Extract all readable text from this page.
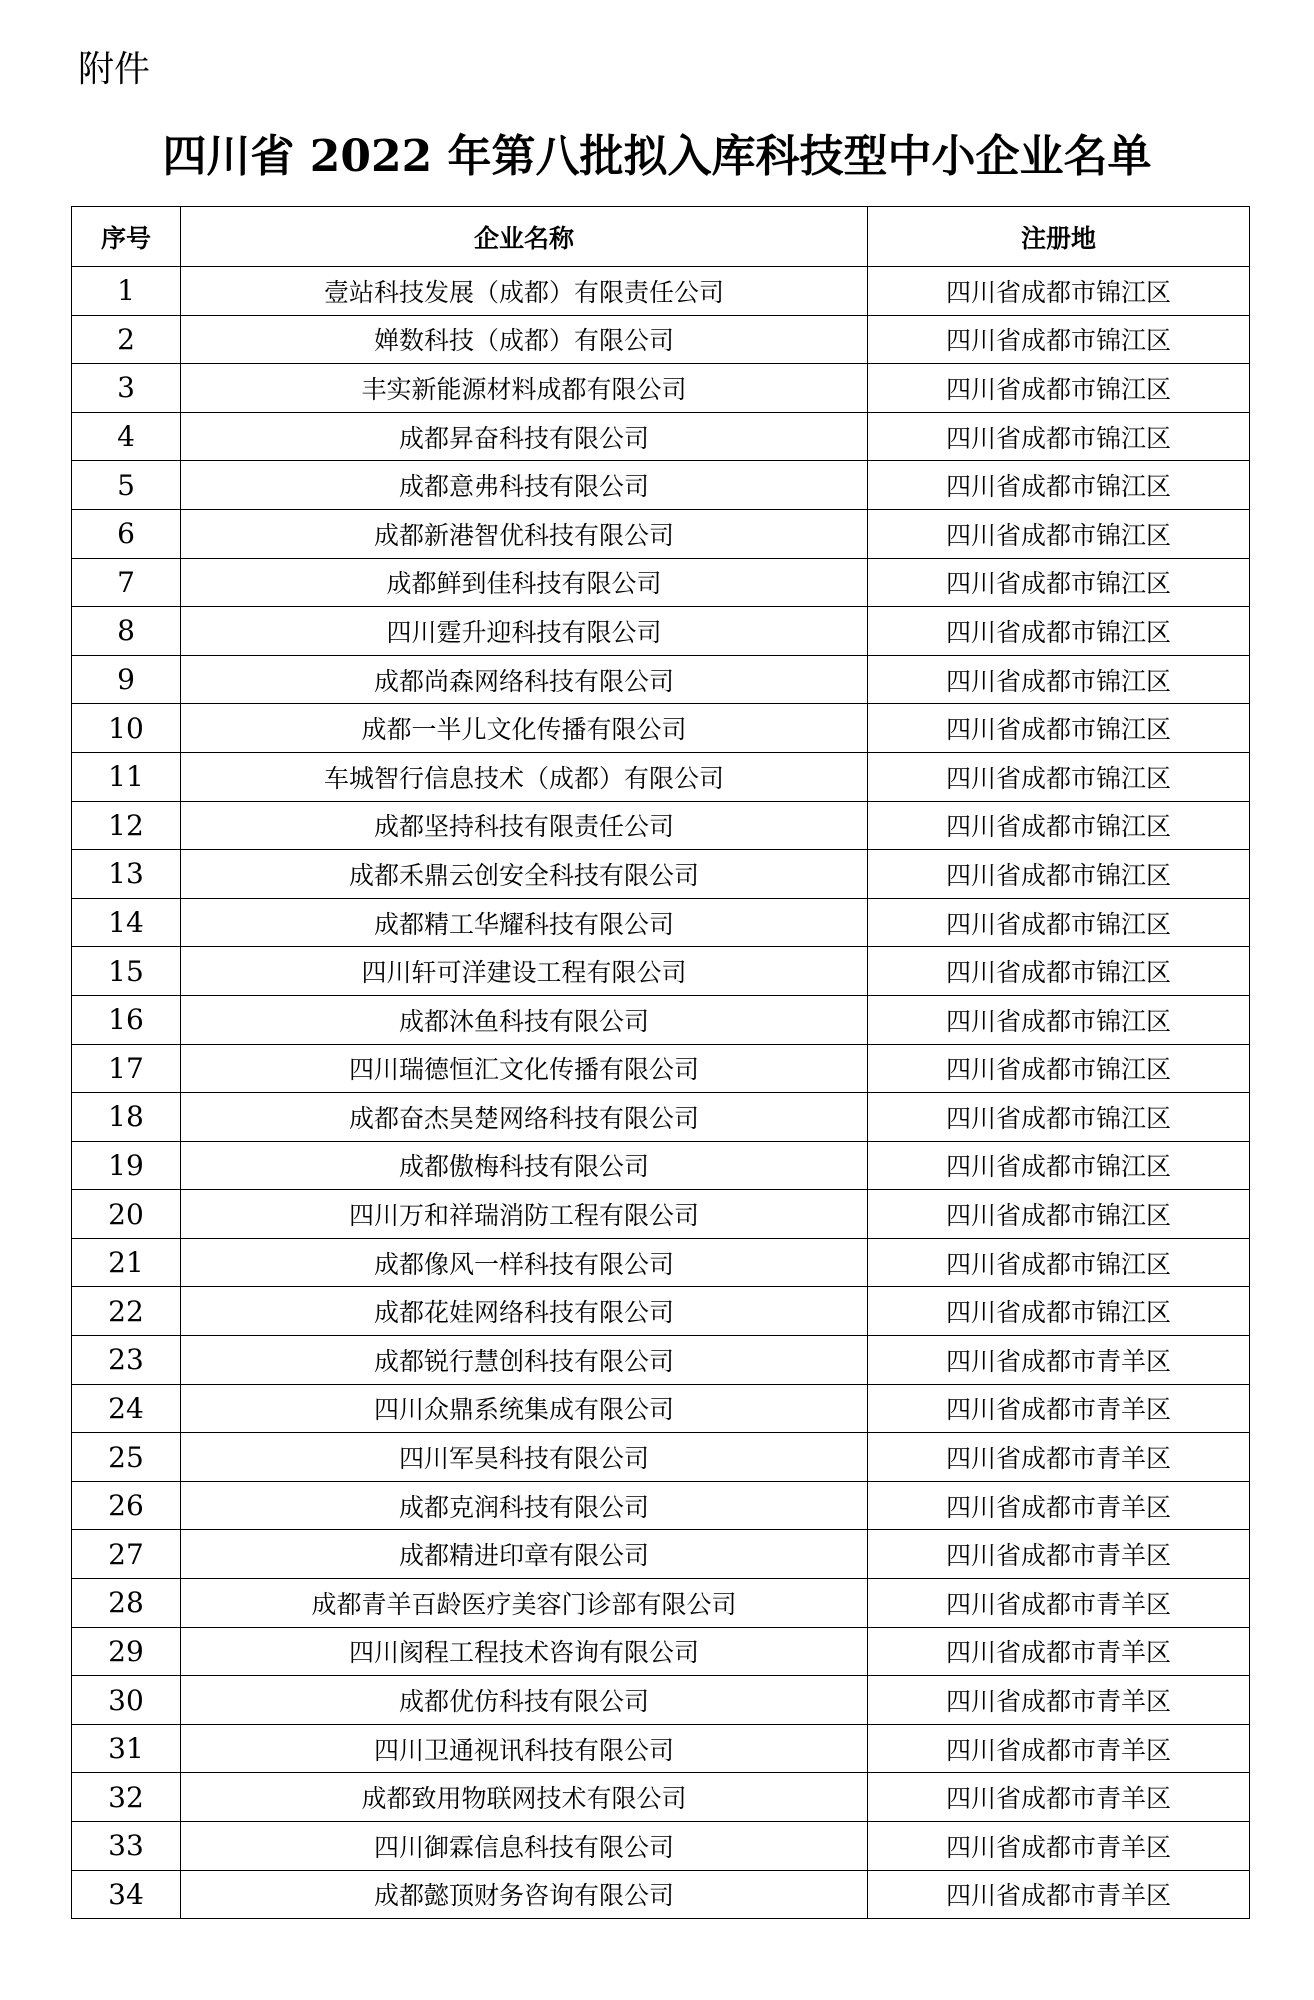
附件
四川省 2022 年第八批拟入库科技型中小企业名单
序号	企业名称	注册地
1	壹站科技发展（成都）有限责任公司	四川省成都市锦江区
2	婵数科技（成都）有限公司	四川省成都市锦江区
3	丰实新能源材料成都有限公司	四川省成都市锦江区
4	成都昇奋科技有限公司	四川省成都市锦江区
5	成都意弗科技有限公司	四川省成都市锦江区
6	成都新港智优科技有限公司	四川省成都市锦江区
7	成都鲜到佳科技有限公司	四川省成都市锦江区
8	四川霆升迎科技有限公司	四川省成都市锦江区
9	成都尚森网络科技有限公司	四川省成都市锦江区
10	成都一半儿文化传播有限公司	四川省成都市锦江区
11	车城智行信息技术（成都）有限公司	四川省成都市锦江区
12	成都坚持科技有限责任公司	四川省成都市锦江区
13	成都禾鼎云创安全科技有限公司	四川省成都市锦江区
14	成都精工华耀科技有限公司	四川省成都市锦江区
15	四川轩可洋建设工程有限公司	四川省成都市锦江区
16	成都沐鱼科技有限公司	四川省成都市锦江区
17	四川瑞德恒汇文化传播有限公司	四川省成都市锦江区
18	成都奋杰昊楚网络科技有限公司	四川省成都市锦江区
19	成都傲梅科技有限公司	四川省成都市锦江区
20	四川万和祥瑞消防工程有限公司	四川省成都市锦江区
21	成都像风一样科技有限公司	四川省成都市锦江区
22	成都花娃网络科技有限公司	四川省成都市锦江区
23	成都锐行慧创科技有限公司	四川省成都市青羊区
24	四川众鼎系统集成有限公司	四川省成都市青羊区
25	四川军昊科技有限公司	四川省成都市青羊区
26	成都克润科技有限公司	四川省成都市青羊区
27	成都精进印章有限公司	四川省成都市青羊区
28	成都青羊百龄医疗美容门诊部有限公司	四川省成都市青羊区
29	四川阂程工程技术咨询有限公司	四川省成都市青羊区
30	成都优仿科技有限公司	四川省成都市青羊区
31	四川卫通视讯科技有限公司	四川省成都市青羊区
32	成都致用物联网技术有限公司	四川省成都市青羊区
33	四川御霖信息科技有限公司	四川省成都市青羊区
34	成都懿顶财务咨询有限公司	四川省成都市青羊区
